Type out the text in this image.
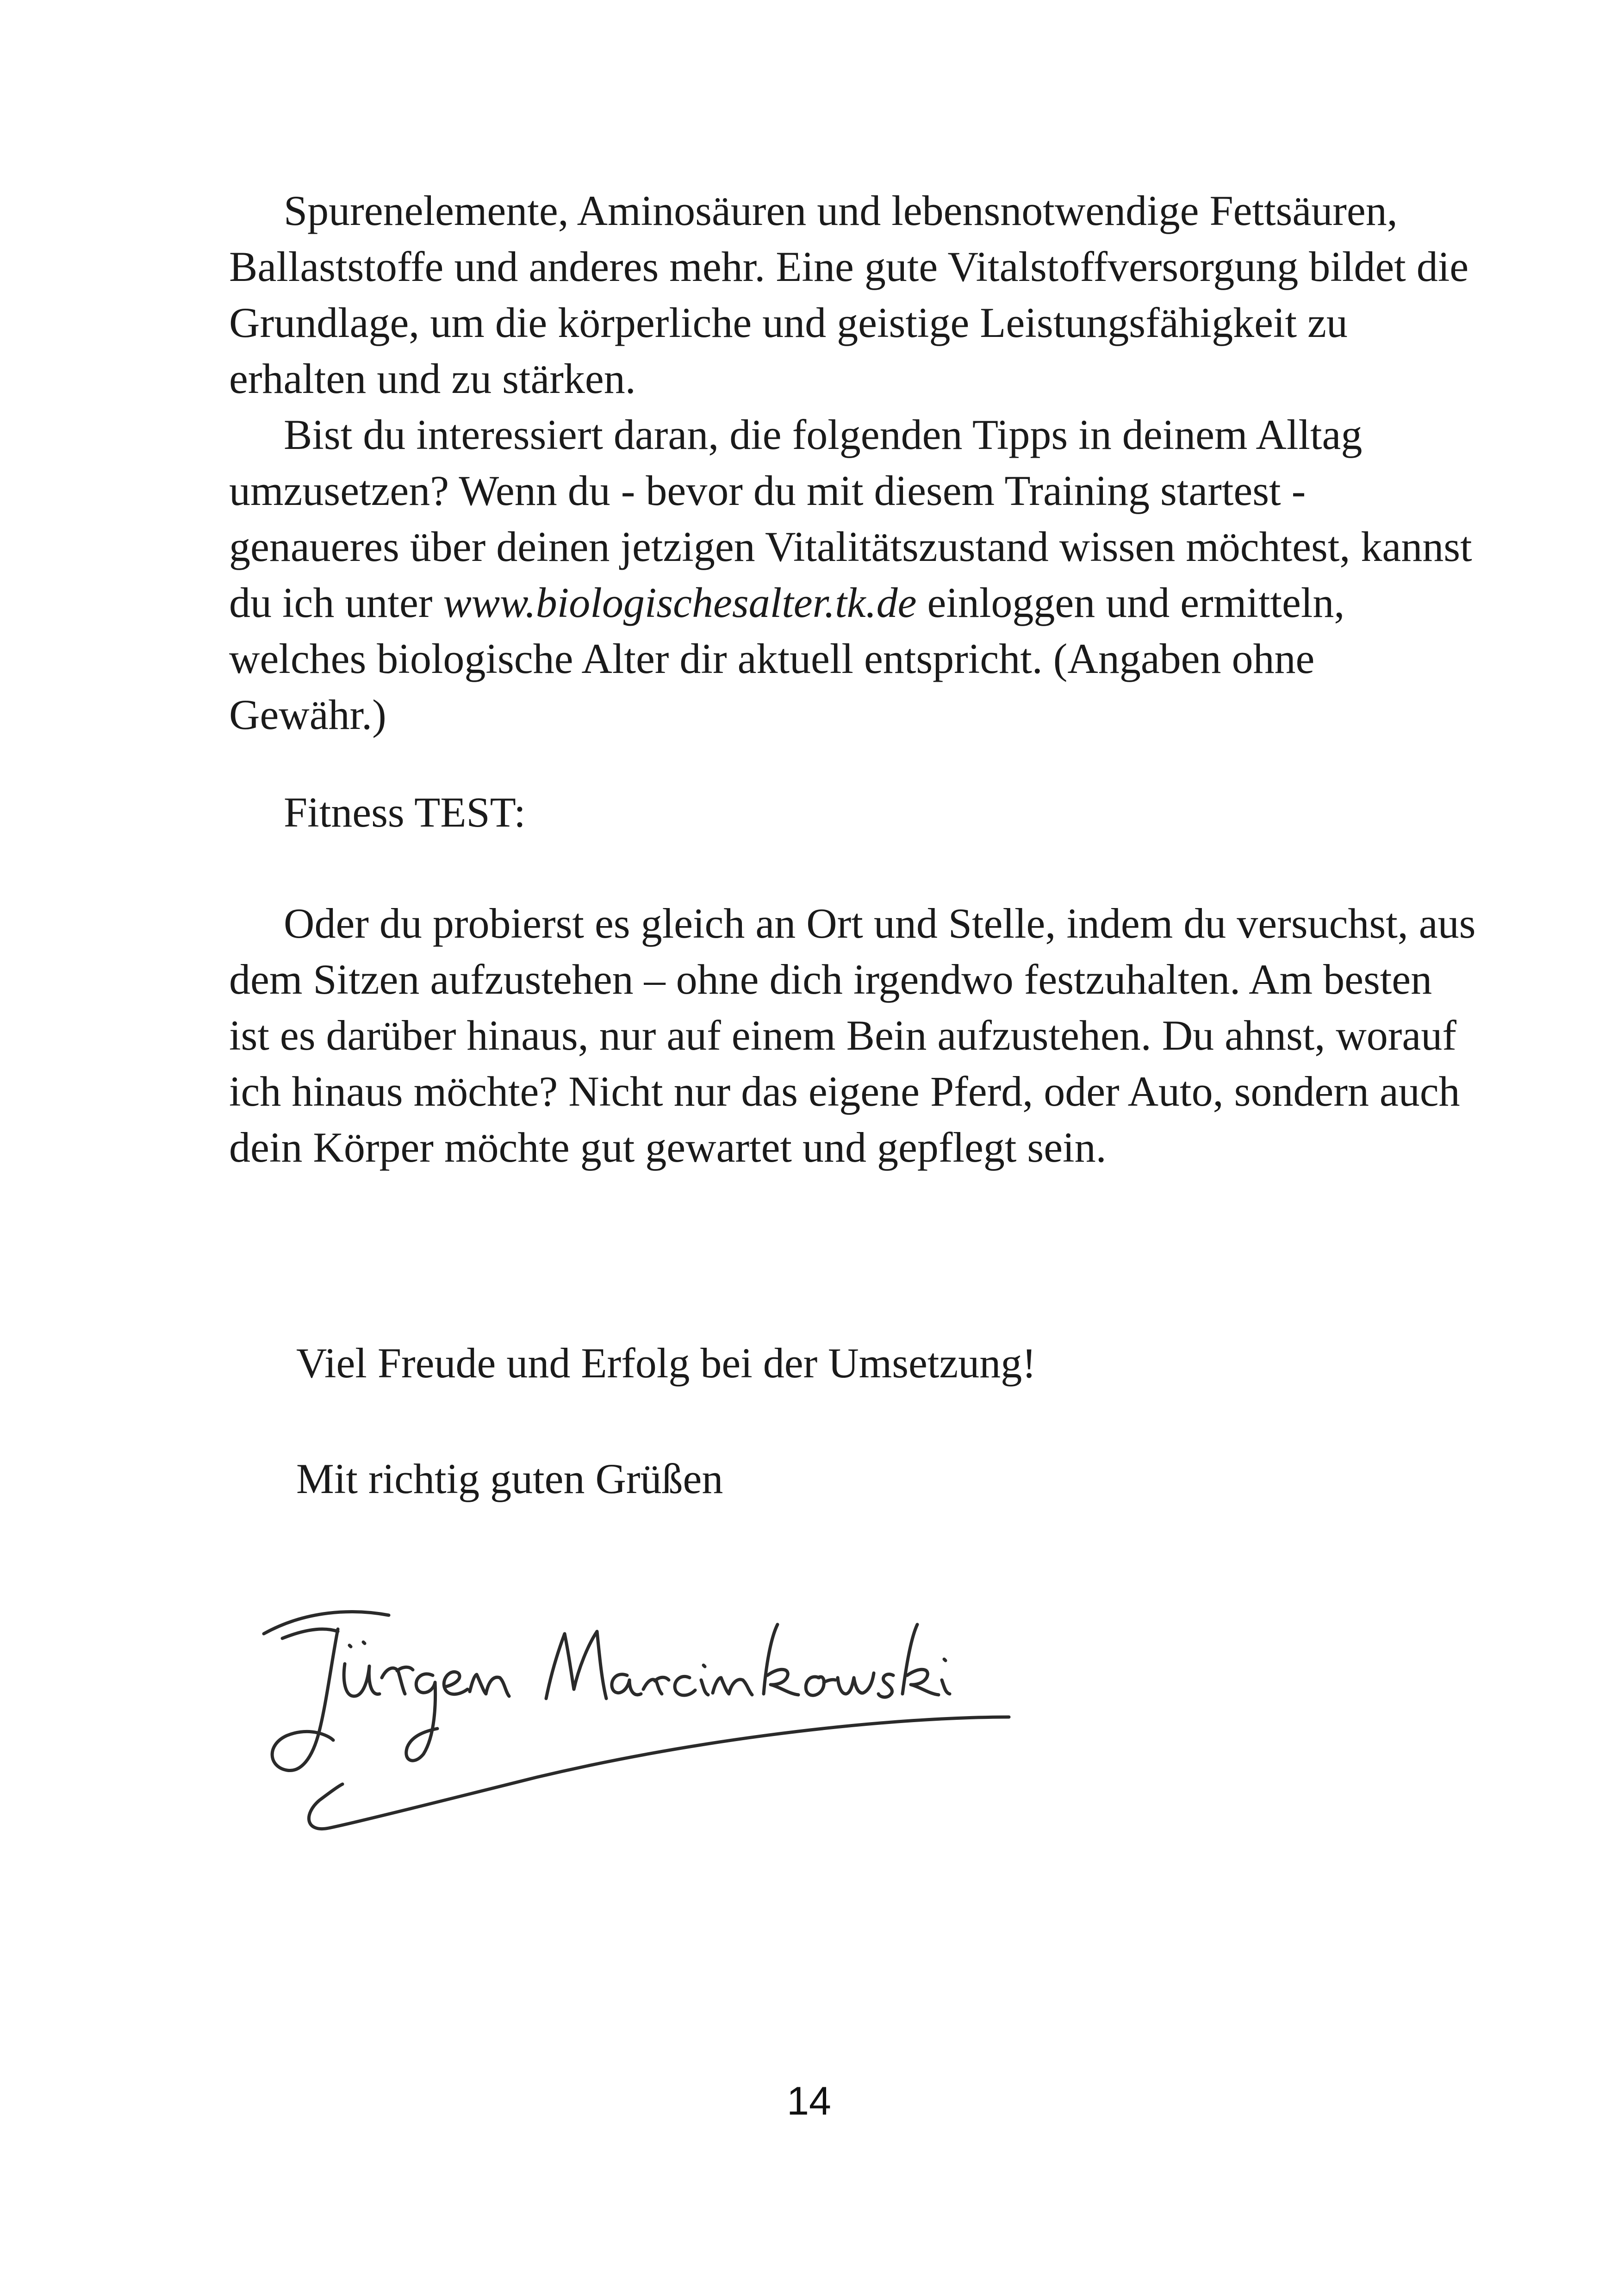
Spurenelemente, Aminosäuren und lebensnotwendige Fettsäuren, Ballaststoffe und anderes mehr. Eine gute Vitalstoffversorgung bildet die Grundlage, um die körperliche und geistige Leistungsfähigkeit zu erhalten und zu stärken.

Bist du interessiert daran, die folgenden Tipps in deinem Alltag umzusetzen? Wenn du - bevor du mit diesem Training startest - genaueres über deinen jetzigen Vitalitätszustand wissen möchtest, kannst du ich unter www.biologischesalter.tk.de einloggen und ermitteln, welches biologische Alter dir aktuell entspricht. (Angaben ohne Gewähr.)

Fitness TEST:

Oder du probierst es gleich an Ort und Stelle, indem du versuchst, aus dem Sitzen aufzustehen – ohne dich irgendwo festzuhalten. Am besten ist es darüber hinaus, nur auf einem Bein aufzustehen. Du ahnst, worauf ich hinaus möchte? Nicht nur das eigene Pferd, oder Auto, sondern auch dein Körper möchte gut gewartet und gepflegt sein.

Viel Freude und Erfolg bei der Umsetzung!

Mit richtig guten Grüßen

14
